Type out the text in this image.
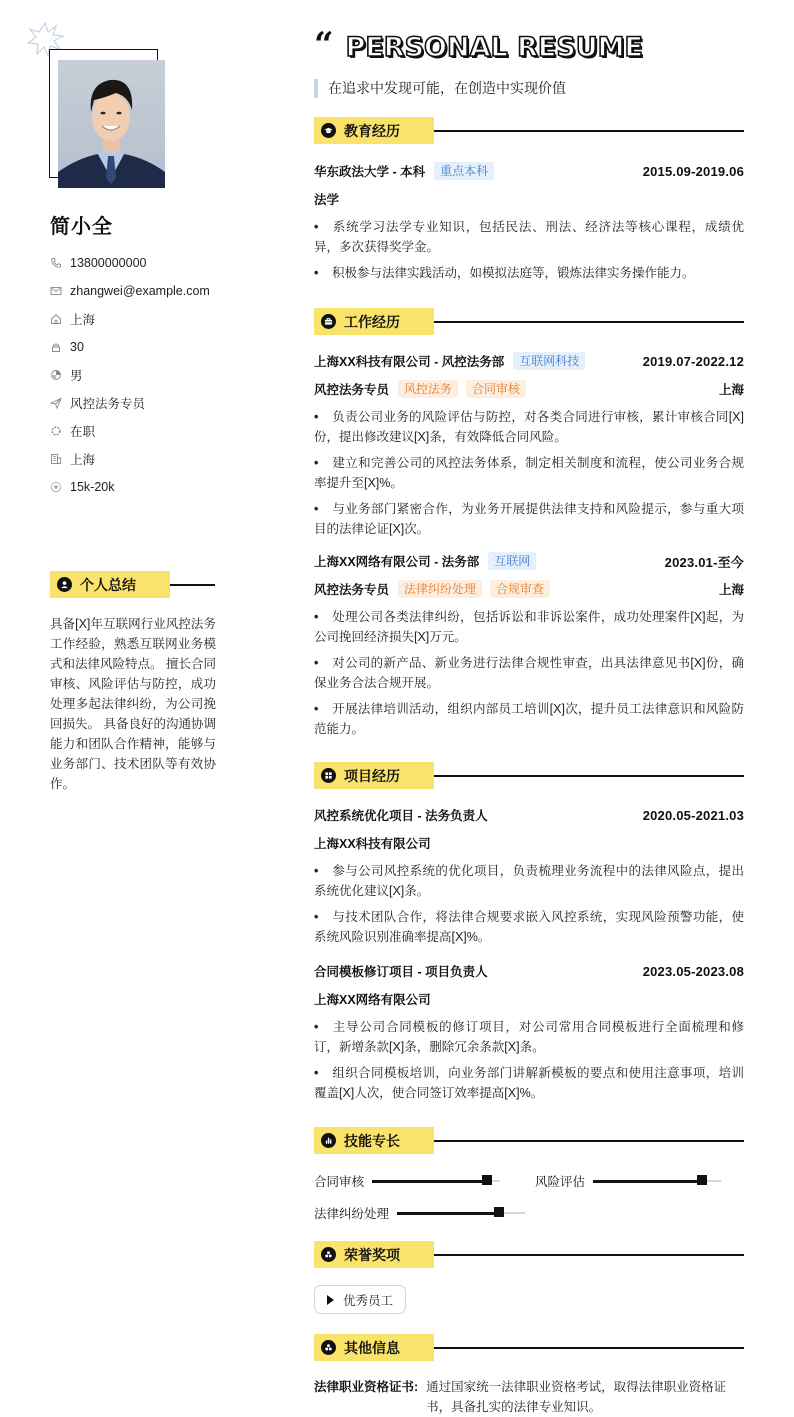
简小全
13800000000
zhangwei@example.com
上海
30
男
风控法务专员
在职
上海
15k-20k
个人总结
具备[X]年互联网行业风控法务工作经验，熟悉互联网业务模式和法律风险特点。 擅长合同审核、风险评估与防控，成功处理多起法律纠纷，为公司挽回损失。 具备良好的沟通协调能力和团队合作精神，能够与业务部门、技术团队等有效协作。
“ PERSONAL RESUME
在追求中发现可能，在创造中实现价值
教育经历
华东政法大学 - 本科	重点本科	2015.09-2019.06
法学
• 系统学习法学专业知识，包括民法、刑法、经济法等核心课程，成绩优异，多次获得奖学金。
• 积极参与法律实践活动，如模拟法庭等，锻炼法律实务操作能力。
工作经历
上海XX科技有限公司 - 风控法务部	互联网科技	2019.07-2022.12
风控法务专员	风控法务	合同审核	上海
• 负责公司业务的风险评估与防控，对各类合同进行审核，累计审核合同[X]份，提出修改建议[X]条，有效降低合同风险。
• 建立和完善公司的风控法务体系，制定相关制度和流程，使公司业务合规率提升至[X]%。
• 与业务部门紧密合作，为业务开展提供法律支持和风险提示，参与重大项目的法律论证[X]次。
上海XX网络有限公司 - 法务部	互联网	2023.01-至今
风控法务专员	法律纠纷处理	合规审查	上海
• 处理公司各类法律纠纷，包括诉讼和非诉讼案件，成功处理案件[X]起，为公司挽回经济损失[X]万元。
• 对公司的新产品、新业务进行法律合规性审查，出具法律意见书[X]份，确保业务合法合规开展。
• 开展法律培训活动，组织内部员工培训[X]次，提升员工法律意识和风险防范能力。
项目经历
风控系统优化项目 - 法务负责人	2020.05-2021.03
上海XX科技有限公司
• 参与公司风控系统的优化项目，负责梳理业务流程中的法律风险点，提出系统优化建议[X]条。
• 与技术团队合作，将法律合规要求嵌入风控系统，实现风险预警功能，使系统风险识别准确率提高[X]%。
合同模板修订项目 - 项目负责人	2023.05-2023.08
上海XX网络有限公司
• 主导公司合同模板的修订项目，对公司常用合同模板进行全面梳理和修订，新增条款[X]条，删除冗余条款[X]条。
• 组织合同模板培训，向业务部门讲解新模板的要点和使用注意事项，培训覆盖[X]人次，使合同签订效率提高[X]%。
技能专长
合同审核	风险评估
法律纠纷处理
荣誉奖项
优秀员工
其他信息
法律职业资格证书: 通过国家统一法律职业资格考试，取得法律职业资格证书，具备扎实的法律专业知识。
